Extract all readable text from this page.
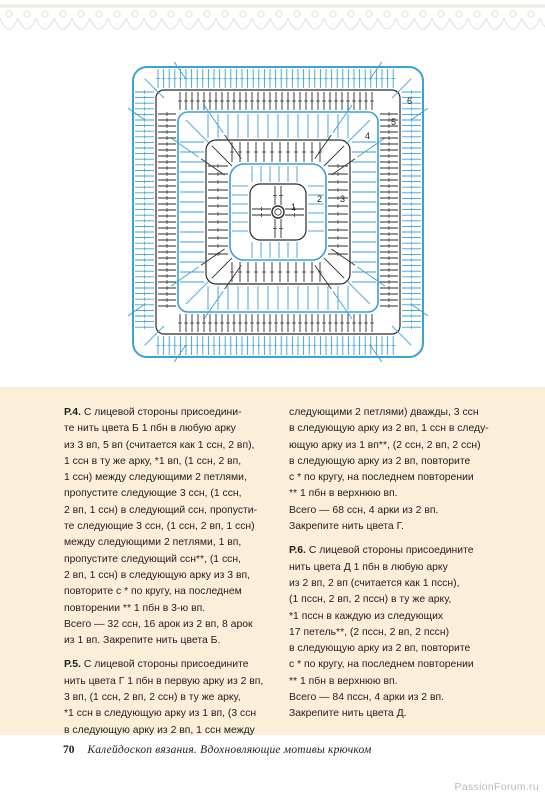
1
2 3
4
5
6

Р.4. С лицевой стороны присоедини-
те нить цвета Б 1 пбн в любую арку
из 3 вп, 5 вп (считается как 1 ссн, 2 вп),
1 ссн в ту же арку, *1 вп, (1 ссн, 2 вп,
1 ссн) между следующими 2 петлями,
пропустите следующие 3 ссн, (1 ссн,
2 вп, 1 ссн) в следующий ссн, пропусти-
те следующие 3 ссн, (1 ссн, 2 вп, 1 ссн)
между следующими 2 петлями, 1 вп,
пропустите следующий ссн**, (1 ссн,
2 вп, 1 ссн) в следующую арку из 3 вп,
повторите с * по кругу, на последнем
повторении ** 1 пбн в 3-ю вп.
Всего — 32 ссн, 16 арок из 2 вп, 8 арок
из 1 вп. Закрепите нить цвета Б.

Р.5. С лицевой стороны присоедините
нить цвета Г 1 пбн в первую арку из 2 вп,
3 вп, (1 ссн, 2 вп, 2 ссн) в ту же арку,
*1 ссн в следующую арку из 1 вп, (3 ссн
в следующую арку из 2 вп, 1 ссн между

следующими 2 петлями) дважды, 3 ссн
в следующую арку из 2 вп, 1 ссн в следу-
ющую арку из 1 вп**, (2 ссн, 2 вп, 2 ссн)
в следующую арку из 2 вп, повторите
с * по кругу, на последнем повторении
** 1 пбн в верхнюю вп.
Всего — 68 ссн, 4 арки из 2 вп.
Закрепите нить цвета Г.

Р.6. С лицевой стороны присоедините
нить цвета Д 1 пбн в любую арку
из 2 вп, 2 вп (считается как 1 пссн),
(1 пссн, 2 вп, 2 пссн) в ту же арку,
*1 пссн в каждую из следующих
17 петель**, (2 пссн, 2 вп, 2 пссн)
в следующую арку из 2 вп, повторите
с * по кругу, на последнем повторении
** 1 пбн в верхнюю вп.
Всего — 84 пссн, 4 арки из 2 вп.
Закрепите нить цвета Д.

70 Калейдоскоп вязания. Вдохновляющие мотивы крючком
PassionForum.ru
